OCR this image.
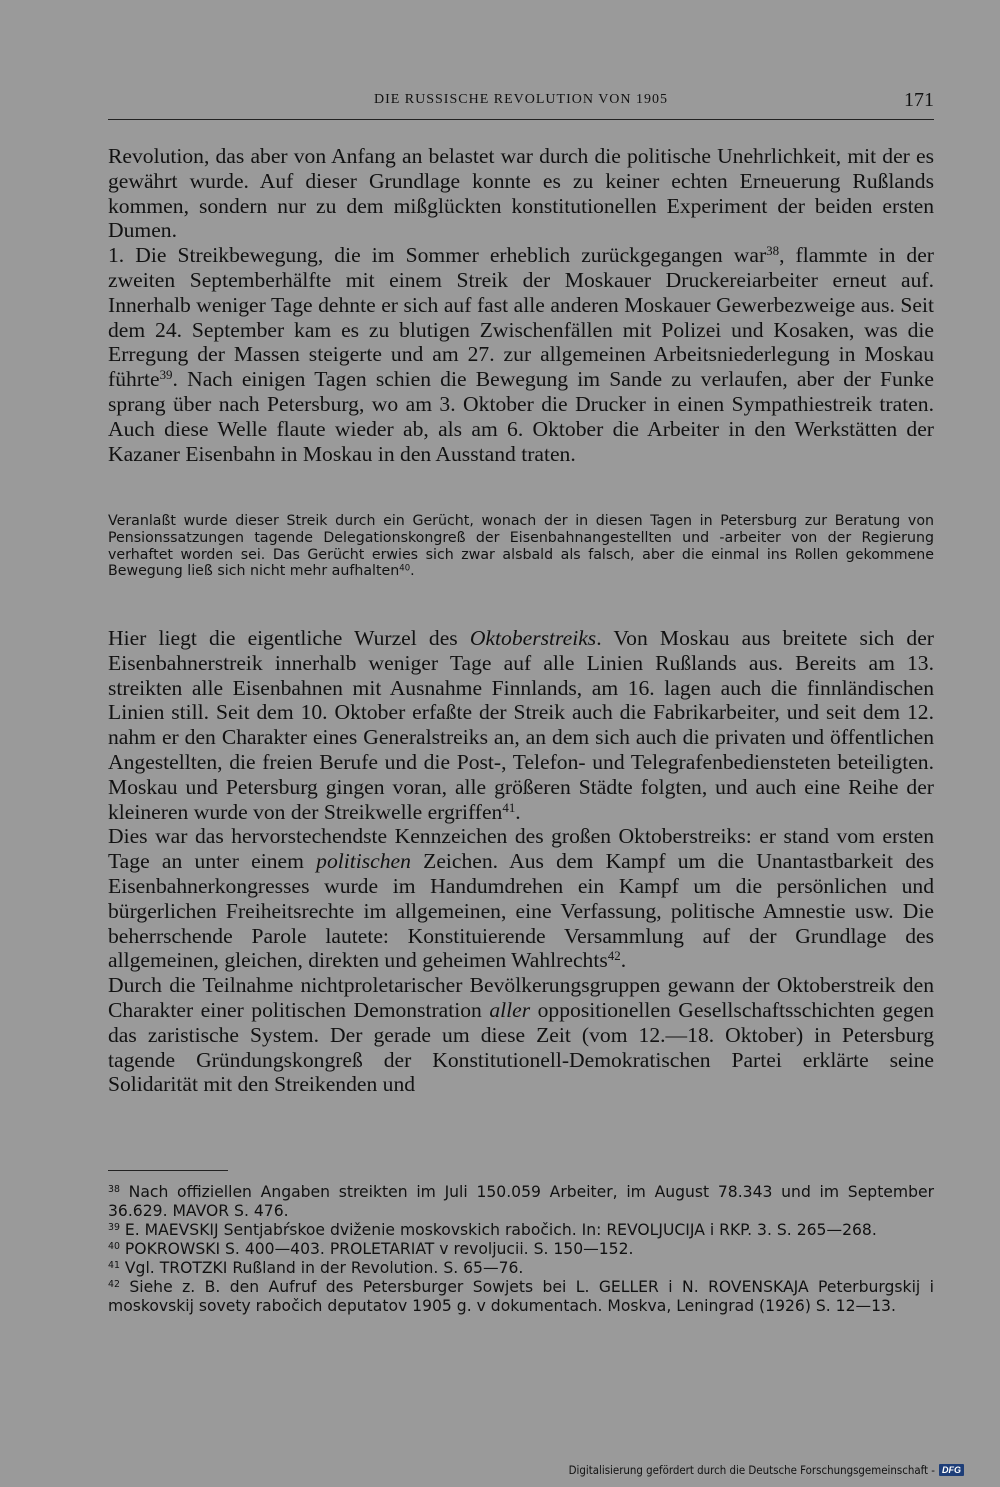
DIE RUSSISCHE REVOLUTION VON 1905	171

Revolution, das aber von Anfang an belastet war durch die politische Unehrlichkeit, mit der es gewährt wurde. Auf dieser Grundlage konnte es zu keiner echten Erneuerung Rußlands kommen, sondern nur zu dem mißglückten konstitutionellen Experiment der beiden ersten Dumen.

1. Die Streikbewegung, die im Sommer erheblich zurückgegangen war$^{38}$, flammte in der zweiten Septemberhälfte mit einem Streik der Moskauer Druckereiarbeiter erneut auf. Innerhalb weniger Tage dehnte er sich auf fast alle anderen Moskauer Gewerbezweige aus. Seit dem 24. September kam es zu blutigen Zwischenfällen mit Polizei und Kosaken, was die Erregung der Massen steigerte und am 27. zur allgemeinen Arbeitsniederlegung in Moskau führte$^{39}$. Nach einigen Tagen schien die Bewegung im Sande zu verlaufen, aber der Funke sprang über nach Petersburg, wo am 3. Oktober die Drucker in einen Sympathiestreik traten. Auch diese Welle flaute wieder ab, als am 6. Oktober die Arbeiter in den Werkstätten der Kazaner Eisenbahn in Moskau in den Ausstand traten.

Veranlaßt wurde dieser Streik durch ein Gerücht, wonach der in diesen Tagen in Petersburg zur Beratung von Pensionssatzungen tagende Delegationskongreß der Eisenbahnangestellten und -arbeiter von der Regierung verhaftet worden sei. Das Gerücht erwies sich zwar alsbald als falsch, aber die einmal ins Rollen gekommene Bewegung ließ sich nicht mehr aufhalten$^{40}$.

Hier liegt die eigentliche Wurzel des Oktoberstreiks. Von Moskau aus breitete sich der Eisenbahnerstreik innerhalb weniger Tage auf alle Linien Rußlands aus. Bereits am 13. streikten alle Eisenbahnen mit Ausnahme Finnlands, am 16. lagen auch die finnländischen Linien still. Seit dem 10. Oktober erfaßte der Streik auch die Fabrikarbeiter, und seit dem 12. nahm er den Charakter eines Generalstreiks an, an dem sich auch die privaten und öffentlichen Angestellten, die freien Berufe und die Post-, Telefon- und Telegrafenbediensteten beteiligten. Moskau und Petersburg gingen voran, alle größeren Städte folgten, und auch eine Reihe der kleineren wurde von der Streikwelle ergriffen$^{41}$.

Dies war das hervorstechendste Kennzeichen des großen Oktoberstreiks: er stand vom ersten Tage an unter einem politischen Zeichen. Aus dem Kampf um die Unantastbarkeit des Eisenbahnerkongresses wurde im Handumdrehen ein Kampf um die persönlichen und bürgerlichen Freiheitsrechte im allgemeinen, eine Verfassung, politische Amnestie usw. Die beherrschende Parole lautete: Konstituierende Versammlung auf der Grundlage des allgemeinen, gleichen, direkten und geheimen Wahlrechts$^{42}$.

Durch die Teilnahme nichtproletarischer Bevölkerungsgruppen gewann der Oktoberstreik den Charakter einer politischen Demonstration aller oppositionellen Gesellschaftsschichten gegen das zaristische System. Der gerade um diese Zeit (vom 12.—18. Oktober) in Petersburg tagende Gründungskongreß der Konstitutionell-Demokratischen Partei erklärte seine Solidarität mit den Streikenden und

$^{38}$ Nach offiziellen Angaben streikten im Juli 150.059 Arbeiter, im August 78.343 und im September 36.629. MAVOR S. 476.

$^{39}$ E. MAEVSKIJ Sentjabŕskoe dviženie moskovskich rabočich. In: REVOLJUCIJA i RKP. 3. S. 265—268.

$^{40}$ POKROWSKI S. 400—403. PROLETARIAT v revoljucii. S. 150—152.

$^{41}$ Vgl. TROTZKI Rußland in der Revolution. S. 65—76.

$^{42}$ Siehe z. B. den Aufruf des Petersburger Sowjets bei L. GELLER i N. ROVENSKAJA Peterburgskij i moskovskij sovety rabočich deputatov 1905 g. v dokumentach. Moskva, Leningrad (1926) S. 12—13.

Digitalisierung gefördert durch die Deutsche Forschungsgemeinschaft - DFG
